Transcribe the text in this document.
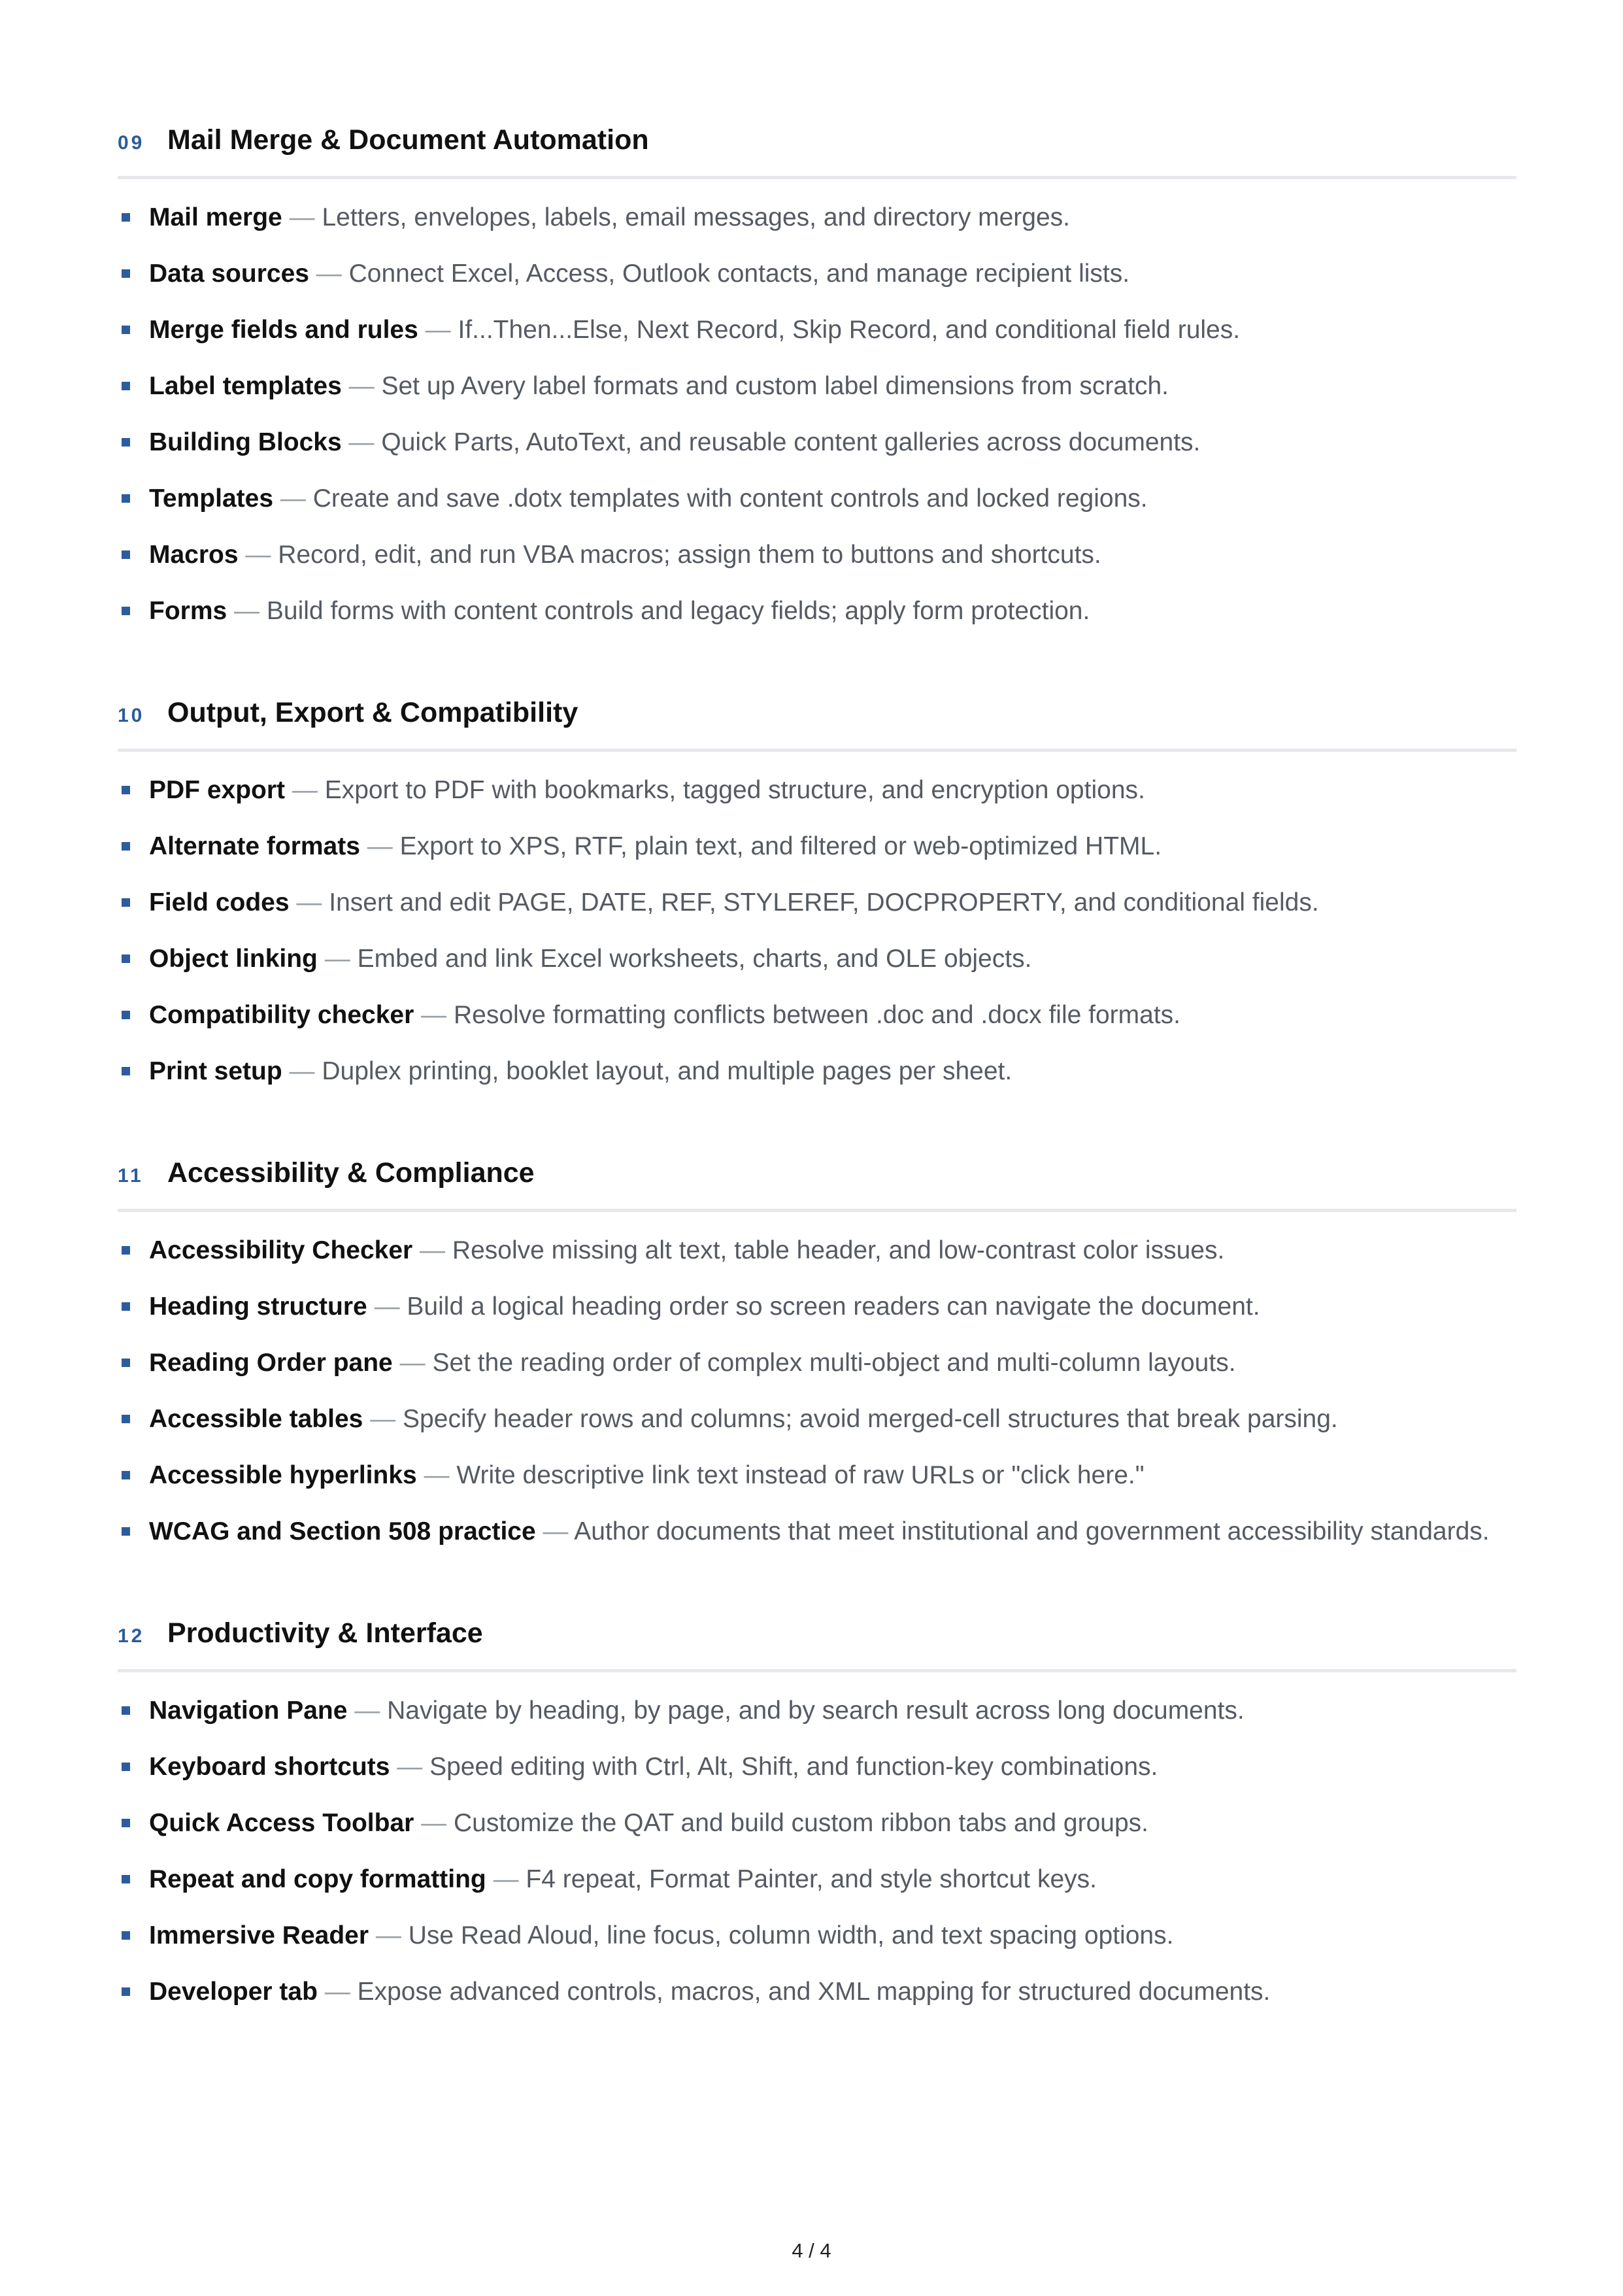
09 Mail Merge & Document Automation
Mail merge — Letters, envelopes, labels, email messages, and directory merges.
Data sources — Connect Excel, Access, Outlook contacts, and manage recipient lists.
Merge fields and rules — If...Then...Else, Next Record, Skip Record, and conditional field rules.
Label templates — Set up Avery label formats and custom label dimensions from scratch.
Building Blocks — Quick Parts, AutoText, and reusable content galleries across documents.
Templates — Create and save .dotx templates with content controls and locked regions.
Macros — Record, edit, and run VBA macros; assign them to buttons and shortcuts.
Forms — Build forms with content controls and legacy fields; apply form protection.
10 Output, Export & Compatibility
PDF export — Export to PDF with bookmarks, tagged structure, and encryption options.
Alternate formats — Export to XPS, RTF, plain text, and filtered or web-optimized HTML.
Field codes — Insert and edit PAGE, DATE, REF, STYLEREF, DOCPROPERTY, and conditional fields.
Object linking — Embed and link Excel worksheets, charts, and OLE objects.
Compatibility checker — Resolve formatting conflicts between .doc and .docx file formats.
Print setup — Duplex printing, booklet layout, and multiple pages per sheet.
11 Accessibility & Compliance
Accessibility Checker — Resolve missing alt text, table header, and low-contrast color issues.
Heading structure — Build a logical heading order so screen readers can navigate the document.
Reading Order pane — Set the reading order of complex multi-object and multi-column layouts.
Accessible tables — Specify header rows and columns; avoid merged-cell structures that break parsing.
Accessible hyperlinks — Write descriptive link text instead of raw URLs or "click here."
WCAG and Section 508 practice — Author documents that meet institutional and government accessibility standards.
12 Productivity & Interface
Navigation Pane — Navigate by heading, by page, and by search result across long documents.
Keyboard shortcuts — Speed editing with Ctrl, Alt, Shift, and function-key combinations.
Quick Access Toolbar — Customize the QAT and build custom ribbon tabs and groups.
Repeat and copy formatting — F4 repeat, Format Painter, and style shortcut keys.
Immersive Reader — Use Read Aloud, line focus, column width, and text spacing options.
Developer tab — Expose advanced controls, macros, and XML mapping for structured documents.
4 / 4
